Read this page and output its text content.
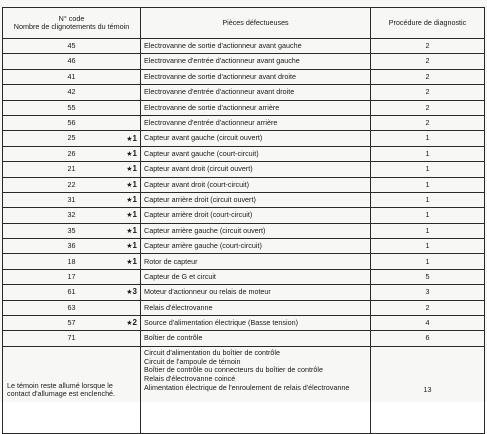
N° code
Nombre de clignotements du témoin	Pièces défectueuses	Procédure de diagnostic
45	Electrovanne de sortie d'actionneur avant gauche	2
46	Electrovanne d'entrée d'actionneur avant gauche	2
41	Electrovanne de sortie d'actionneur avant droite	2
42	Electrovanne d'entrée d'actionneur avant droite	2
55	Electrovanne de sortie d'actionneur arrière	2
56	Electrovanne d'entrée d'actionneur arrière	2
25 ★1	Capteur avant gauche (circuit ouvert)	1
26 ★1	Capteur avant gauche (court-circuit)	1
21 ★1	Capteur avant droit (circuit ouvert)	1
22 ★1	Capteur avant droit (court-circuit)	1
31 ★1	Capteur arrière droit (circuit ouvert)	1
32 ★1	Capteur arrière droit (court-circuit)	1
35 ★1	Capteur arrière gauche (circuit ouvert)	1
36 ★1	Capteur arrière gauche (court-circuit)	1
18 ★1	Rotor de capteur	1
17	Capteur de G et circuit	5
61 ★3	Moteur d'actionneur ou relais de moteur	3
63	Relais d'électrovanne	2
57 ★2	Source d'alimentation électrique (Basse tension)	4
71	Boîtier de contrôle	6
Le témoin reste allumé lorsque le contact d'allumage est enclenché.	Circuit d'alimentation du boîtier de contrôle
Circuit de l'ampoule de témoin
Boîtier de contrôle ou connecteurs du boîtier de contrôle
Relais d'électrovanne coincé
Alimentation électrique de l'enroulement de relais d'électrovanne	13
